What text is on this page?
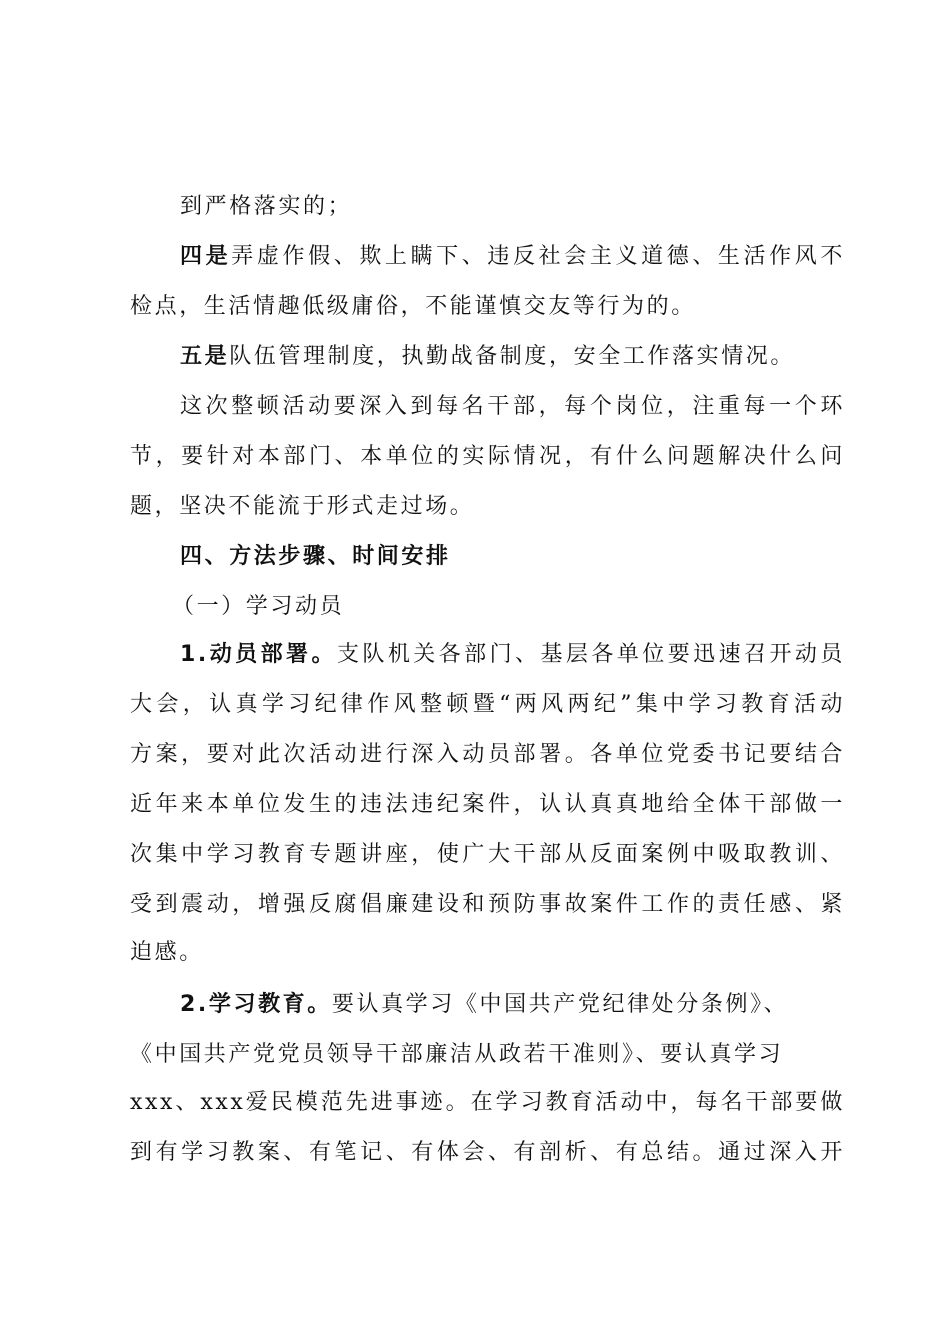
到严格落实的；

四是弄虚作假、欺上瞒下、违反社会主义道德、生活作风不

检点，生活情趣低级庸俗，不能谨慎交友等行为的。

五是队伍管理制度，执勤战备制度，安全工作落实情况。

这次整顿活动要深入到每名干部，每个岗位，注重每一个环

节，要针对本部门、本单位的实际情况，有什么问题解决什么问

题，坚决不能流于形式走过场。

四、方法步骤、时间安排

（一）学习动员

1.动员部署。支队机关各部门、基层各单位要迅速召开动员

大会，认真学习纪律作风整顿暨“两风两纪”集中学习教育活动

方案，要对此次活动进行深入动员部署。各单位党委书记要结合

近年来本单位发生的违法违纪案件，认认真真地给全体干部做一

次集中学习教育专题讲座，使广大干部从反面案例中吸取教训、

受到震动，增强反腐倡廉建设和预防事故案件工作的责任感、紧

迫感。

2.学习教育。要认真学习《中国共产党纪律处分条例》、

《中国共产党党员领导干部廉洁从政若干准则》、要认真学习

xxx、xxx爱民模范先进事迹。在学习教育活动中，每名干部要做

到有学习教案、有笔记、有体会、有剖析、有总结。通过深入开
